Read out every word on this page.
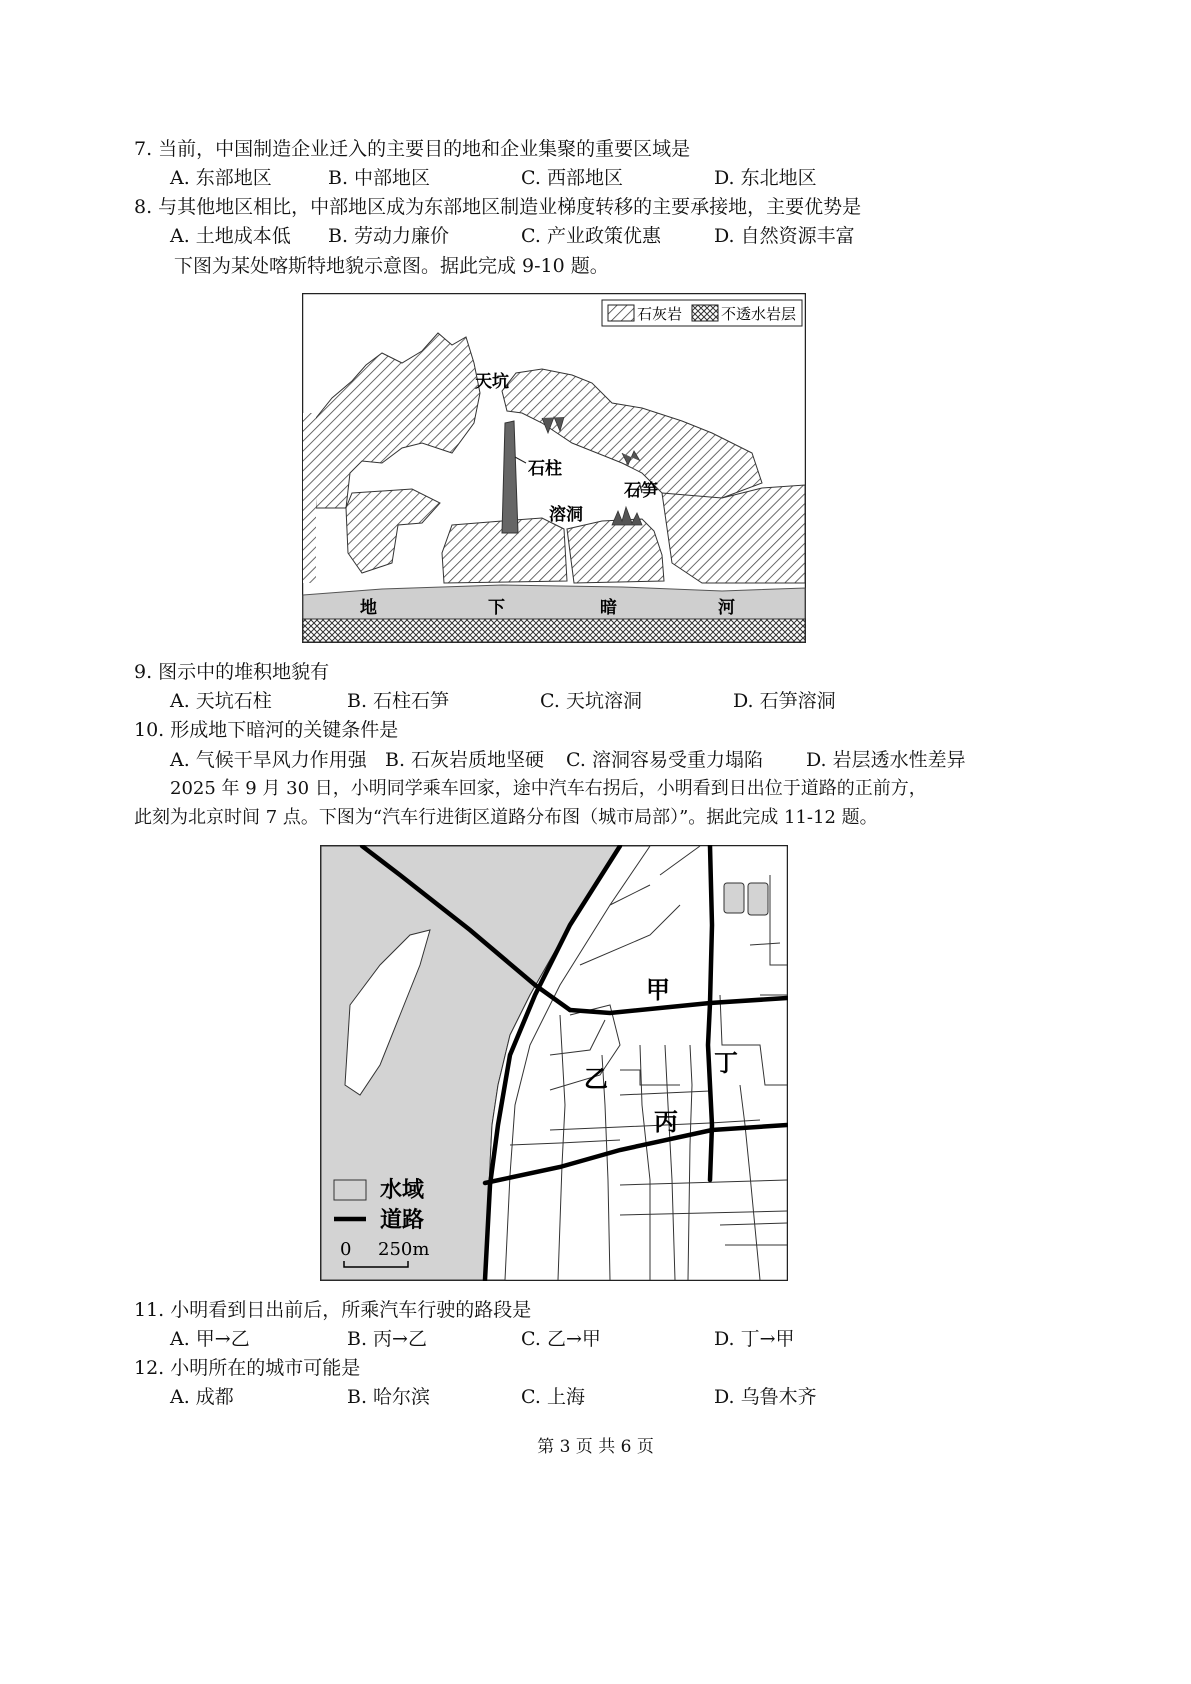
7. 当前，中国制造企业迁入的主要目的地和企业集聚的重要区域是
A. 东部地区	B. 中部地区	C. 西部地区	D. 东北地区
8. 与其他地区相比，中部地区成为东部地区制造业梯度转移的主要承接地，主要优势是
A. 土地成本低 B. 劳动力廉价	C. 产业政策优惠	D. 自然资源丰富
下图为某处喀斯特地貌示意图。据此完成 9-10 题。
石灰岩	不透水岩层
天坑
石柱
石笋
溶洞
地	下	暗	河
9. 图示中的堆积地貌有
A. 天坑石柱	B. 石柱石笋	C. 天坑溶洞	D. 石笋溶洞
10. 形成地下暗河的关键条件是
A. 气候干旱风力作用强 B. 石灰岩质地坚硬 C. 溶洞容易受重力塌陷 D. 岩层透水性差异
2025 年 9 月 30 日，小明同学乘车回家，途中汽车右拐后，小明看到日出位于道路的正前方，
此刻为北京时间 7 点。下图为“汽车行进街区道路分布图（城市局部）”。据此完成 11-12 题。
甲
乙
丙
丁
水域
道路
0 250m
11. 小明看到日出前后，所乘汽车行驶的路段是
A. 甲→乙	B. 丙→乙	C. 乙→甲	D. 丁→甲
12. 小明所在的城市可能是
A. 成都	B. 哈尔滨	C. 上海	D. 乌鲁木齐
第 3 页 共 6 页
